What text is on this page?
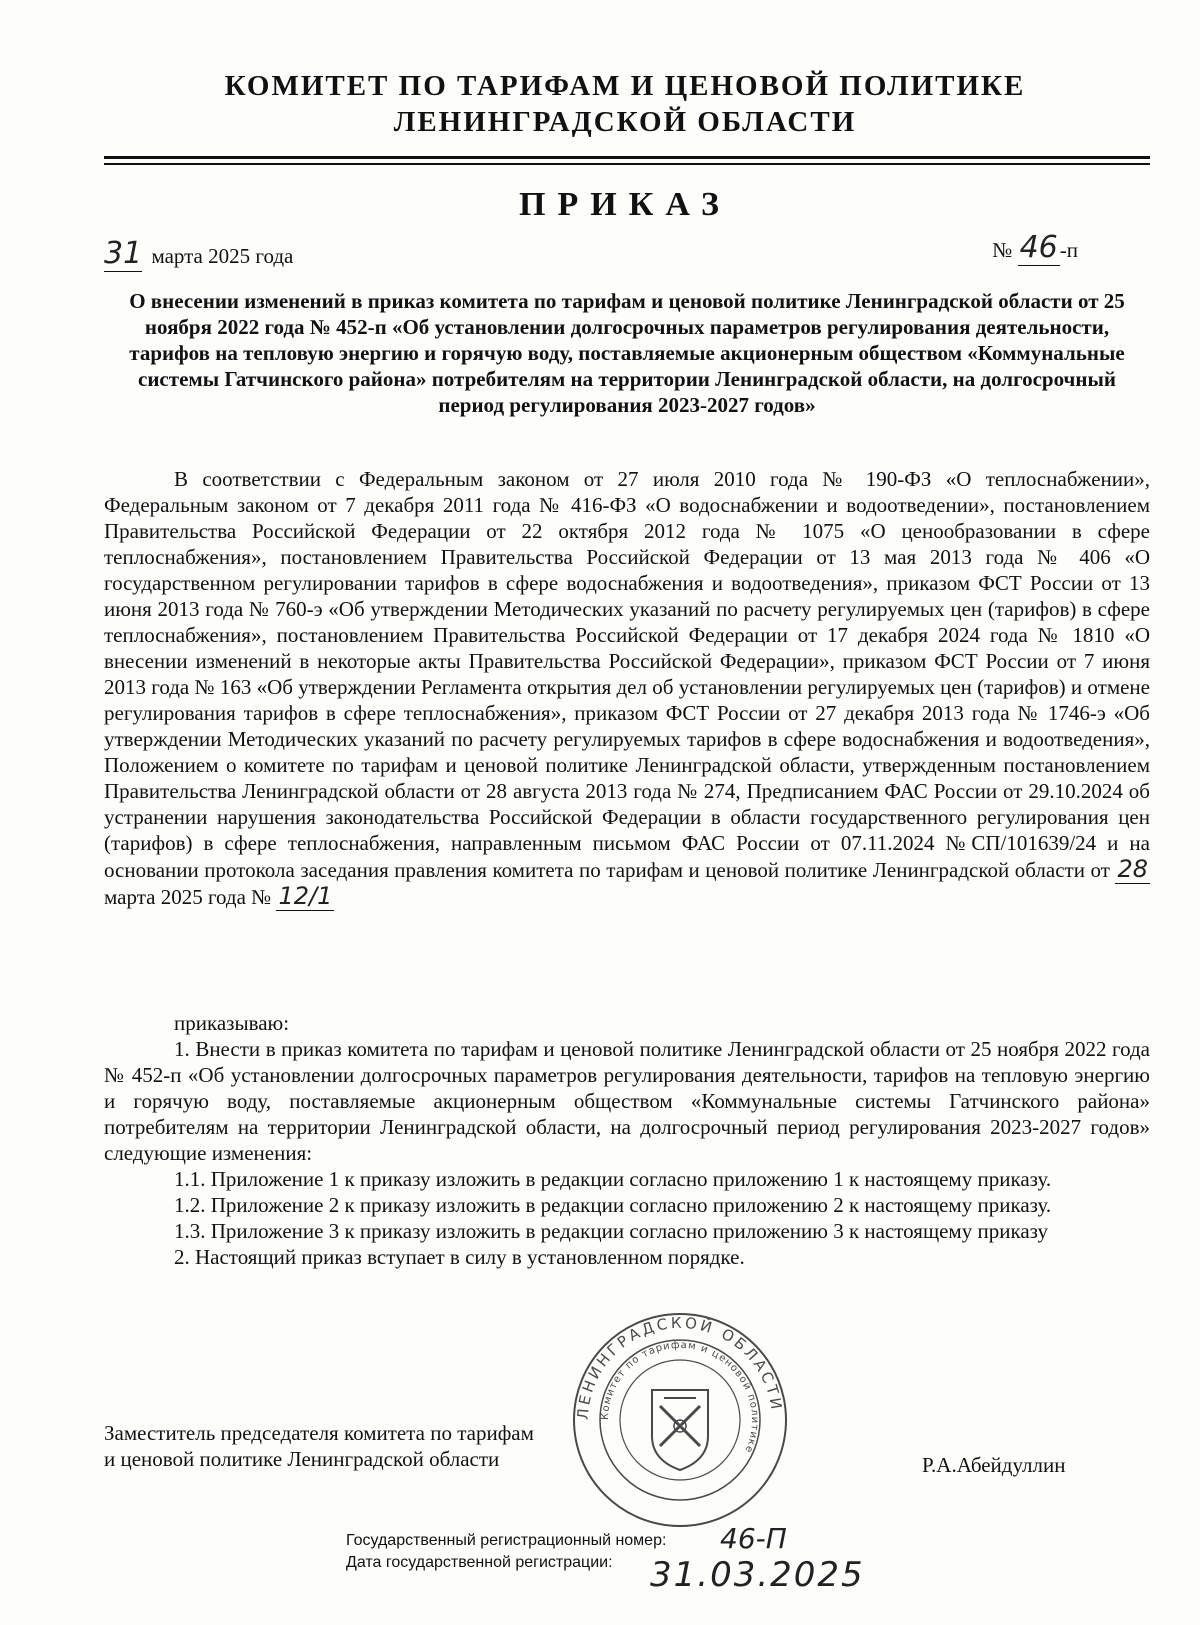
КОМИТЕТ ПО ТАРИФАМ И ЦЕНОВОЙ ПОЛИТИКЕ
ЛЕНИНГРАДСКОЙ ОБЛАСТИ
ПРИКАЗ
31 марта 2025 года	№ 46-п
О внесении изменений в приказ комитета по тарифам и ценовой политике Ленинградской области от 25 ноября 2022 года № 452-п «Об установлении долгосрочных параметров регулирования деятельности, тарифов на тепловую энергию и горячую воду, поставляемые акционерным обществом «Коммунальные системы Гатчинского района» потребителям на территории Ленинградской области, на долгосрочный период регулирования 2023-2027 годов»
В соответствии с Федеральным законом от 27 июля 2010 года № 190-ФЗ «О теплоснабжении», Федеральным законом от 7 декабря 2011 года № 416-ФЗ «О водоснабжении и водоотведении», постановлением Правительства Российской Федерации от 22 октября 2012 года № 1075 «О ценообразовании в сфере теплоснабжения», постановлением Правительства Российской Федерации от 13 мая 2013 года № 406 «О государственном регулировании тарифов в сфере водоснабжения и водоотведения», приказом ФСТ России от 13 июня 2013 года № 760-э «Об утверждении Методических указаний по расчету регулируемых цен (тарифов) в сфере теплоснабжения», постановлением Правительства Российской Федерации от 17 декабря 2024 года № 1810 «О внесении изменений в некоторые акты Правительства Российской Федерации», приказом ФСТ России от 7 июня 2013 года № 163 «Об утверждении Регламента открытия дел об установлении регулируемых цен (тарифов) и отмене регулирования тарифов в сфере теплоснабжения», приказом ФСТ России от 27 декабря 2013 года № 1746-э «Об утверждении Методических указаний по расчету регулируемых тарифов в сфере водоснабжения и водоотведения», Положением о комитете по тарифам и ценовой политике Ленинградской области, утвержденным постановлением Правительства Ленинградской области от 28 августа 2013 года № 274, Предписанием ФАС России от 29.10.2024 об устранении нарушения законодательства Российской Федерации в области государственного регулирования цен (тарифов) в сфере теплоснабжения, направленным письмом ФАС России от 07.11.2024 №СП/101639/24 и на основании протокола заседания правления комитета по тарифам и ценовой политике Ленинградской области от 28 марта 2025 года № 12/1
приказываю:
1. Внести в приказ комитета по тарифам и ценовой политике Ленинградской области от 25 ноября 2022 года № 452-п «Об установлении долгосрочных параметров регулирования деятельности, тарифов на тепловую энергию и горячую воду, поставляемые акционерным обществом «Коммунальные системы Гатчинского района» потребителям на территории Ленинградской области, на долгосрочный период регулирования 2023-2027 годов» следующие изменения:
1.1. Приложение 1 к приказу изложить в редакции согласно приложению 1 к настоящему приказу.
1.2. Приложение 2 к приказу изложить в редакции согласно приложению 2 к настоящему приказу.
1.3. Приложение 3 к приказу изложить в редакции согласно приложению 3 к настоящему приказу
2. Настоящий приказ вступает в силу в установленном порядке.
Заместитель председателя комитета по тарифам
и ценовой политике Ленинградской области	Р.А.Абейдуллин
ЛЕНИНГРАДСКОЙ ОБЛАСТИ
Комитет по тарифам и ценовой политике
Государственный регистрационный номер:
Дата государственной регистрации:
46-П
31.03.2025
